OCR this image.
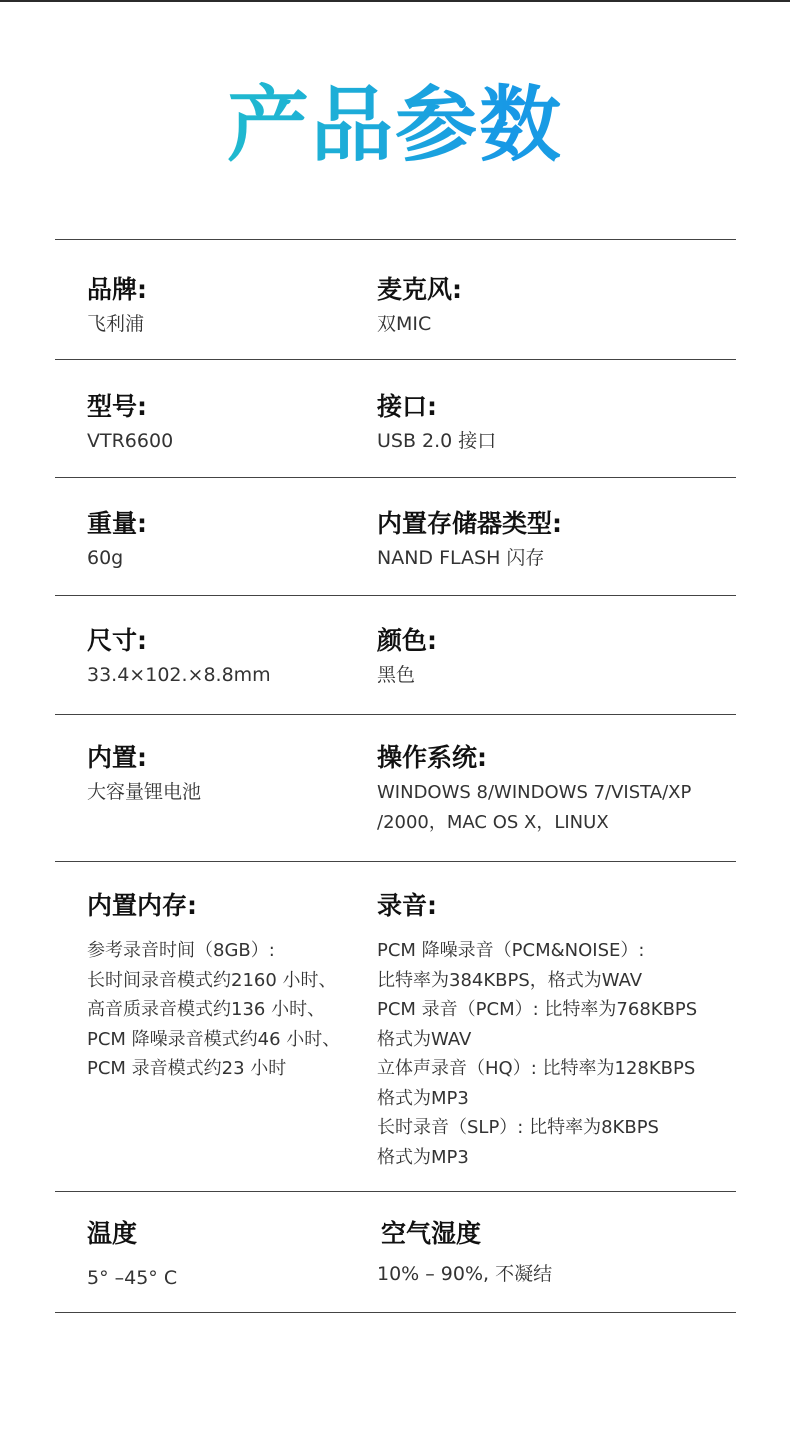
产品参数

品牌:

飞利浦

麦克风:

双MIC

型号:

VTR6600

接口:

USB 2.0 接口

重量:

60g

内置存储器类型:

NAND FLASH 闪存

尺寸:

33.4×102.×8.8mm

颜色:

黑色

内置:

大容量锂电池

操作系统:

WINDOWS 8/WINDOWS 7/VISTA/XP
/2000，MAC OS X，LINUX

内置内存:

参考录音时间（8GB）:
长时间录音模式约2160 小时、
高音质录音模式约136 小时、
PCM 降噪录音模式约46 小时、
PCM 录音模式约23 小时

录音:

PCM 降噪录音（PCM&NOISE）:
比特率为384KBPS，格式为WAV
PCM 录音（PCM）: 比特率为768KBPS
格式为WAV
立体声录音（HQ）: 比特率为128KBPS
格式为MP3
长时录音（SLP）: 比特率为8KBPS
格式为MP3

温度

5° –45° C

空气湿度

10% – 90%, 不凝结
